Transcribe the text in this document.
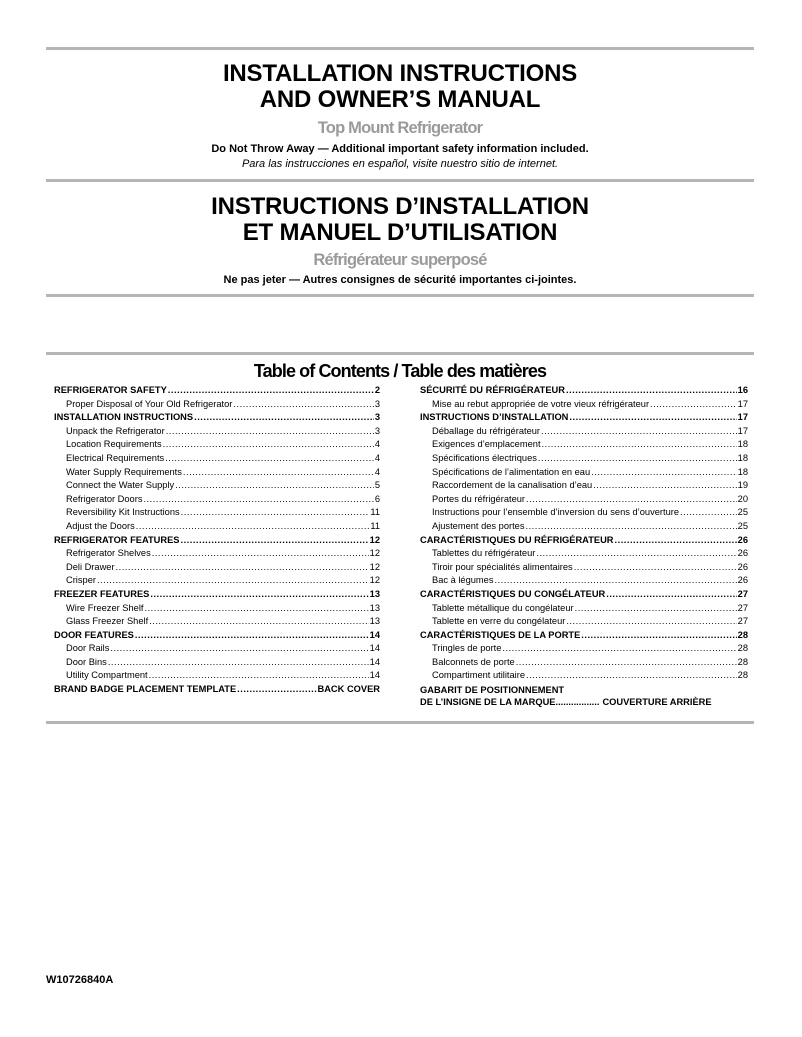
INSTALLATION INSTRUCTIONS
AND OWNER’S MANUAL
Top Mount Refrigerator
Do Not Throw Away — Additional important safety information included.
Para las instrucciones en español, visite nuestro sitio de internet.
INSTRUCTIONS D’INSTALLATION
ET MANUEL D’UTILISATION
Réfrigérateur superposé
Ne pas jeter — Autres consignes de sécurité importantes ci-jointes.
Table of Contents / Table des matières
REFRIGERATOR SAFETY .....	2
Proper Disposal of Your Old Refrigerator .....	3
INSTALLATION INSTRUCTIONS .....	3
Unpack the Refrigerator .....	3
Location Requirements .....	4
Electrical Requirements .....	4
Water Supply Requirements .....	4
Connect the Water Supply .....	5
Refrigerator Doors .....	6
Reversibility Kit Instructions .....	11
Adjust the Doors .....	11
REFRIGERATOR FEATURES .....	12
Refrigerator Shelves .....	12
Deli Drawer .....	12
Crisper .....	12
FREEZER FEATURES .....	13
Wire Freezer Shelf .....	13
Glass Freezer Shelf .....	13
DOOR FEATURES .....	14
Door Rails .....	14
Door Bins .....	14
Utility Compartment .....	14
BRAND BADGE PLACEMENT TEMPLATE .....	BACK COVER
SÉCURITÉ DU RÉFRIGÉRATEUR .....	16
Mise au rebut appropriée de votre vieux réfrigérateur .....	17
INSTRUCTIONS D’INSTALLATION .....	17
Déballage du réfrigérateur .....	17
Exigences d’emplacement .....	18
Spécifications électriques .....	18
Spécifications de l’alimentation en eau .....	18
Raccordement de la canalisation d’eau .....	19
Portes du réfrigérateur .....	20
Instructions pour l’ensemble d’inversion du sens d’ouverture .....	25
Ajustement des portes .....	25
CARACTÉRISTIQUES DU RÉFRIGÉRATEUR .....	26
Tablettes du réfrigérateur .....	26
Tiroir pour spécialités alimentaires .....	26
Bac à légumes .....	26
CARACTÉRISTIQUES DU CONGÉLATEUR .....	27
Tablette métallique du congélateur .....	27
Tablette en verre du congélateur .....	27
CARACTÉRISTIQUES DE LA PORTE .....	28
Tringles de porte .....	28
Balconnets de porte .....	28
Compartiment utilitaire .....	28
GABARIT DE POSITIONNEMENT
DE L’INSIGNE DE LA MARQUE ................. COUVERTURE ARRIÈRE
W10726840A
